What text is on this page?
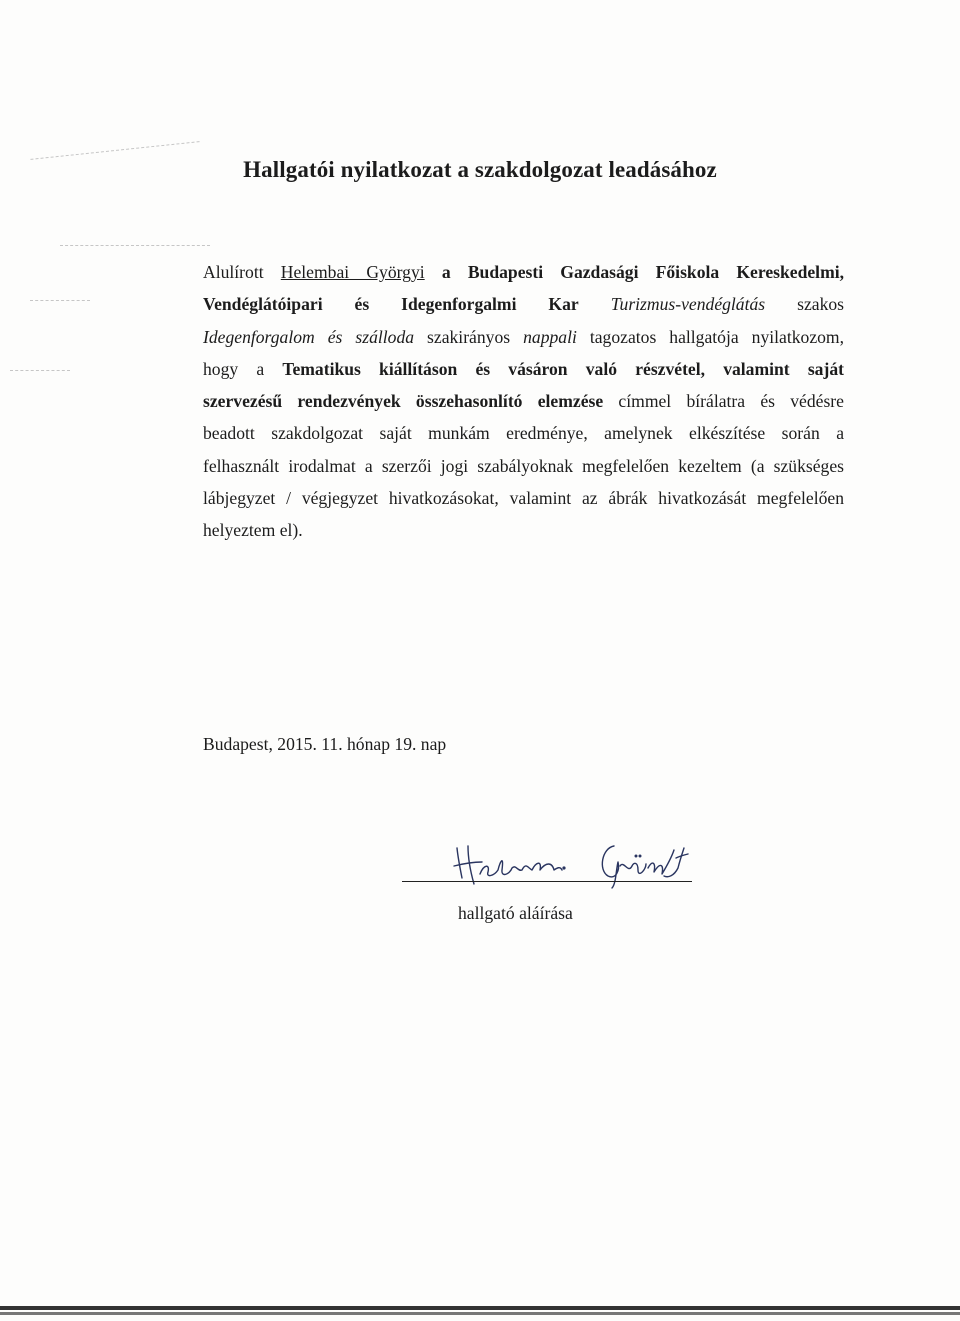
Hallgatói nyilatkozat a szakdolgozat leadásához
Alulírott Helembai Györgyi a Budapesti Gazdasági Főiskola Kereskedelmi,
Vendéglátóipari és Idegenforgalmi Kar Turizmus-vendéglátás szakos
Idegenforgalom és szálloda szakirányos nappali tagozatos hallgatója nyilatkozom,
hogy a Tematikus kiállításon és vásáron való részvétel, valamint saját
szervezésű rendezvények összehasonlító elemzése címmel bírálatra és védésre
beadott szakdolgozat saját munkám eredménye, amelynek elkészítése során a
felhasznált irodalmat a szerzői jogi szabályoknak megfelelően kezeltem (a szükséges
lábjegyzet / végjegyzet hivatkozásokat, valamint az ábrák hivatkozását megfelelően
helyeztem el).
Budapest, 2015. 11. hónap 19. nap
hallgató aláírása
